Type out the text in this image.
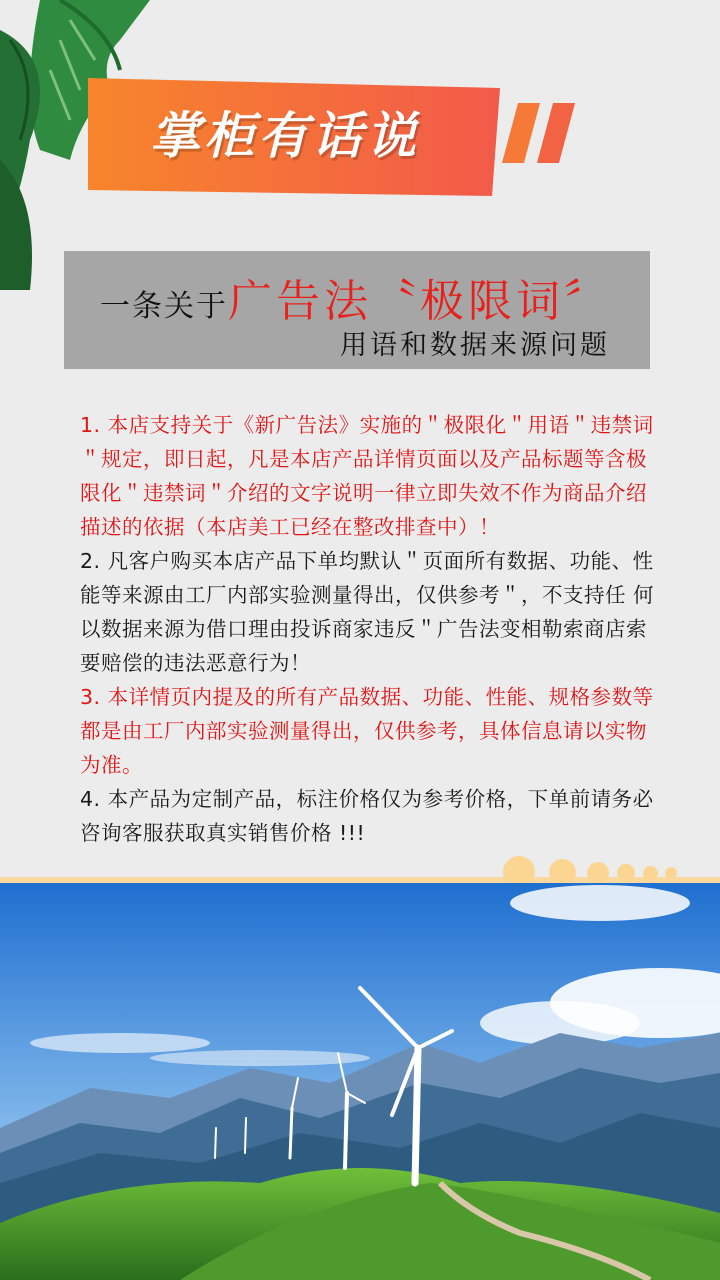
掌柜有话说
一条关于广告法〝极限词〞
用语和数据来源问题

1. 本店支持关于《新广告法》实施的＂极限化＂用语＂违禁词＂规定，即日起，凡是本店产品详情页面以及产品标题等含极限化＂违禁词＂介绍的文字说明一律立即失效不作为商品介绍描述的依据（本店美工已经在整改排查中）！

2. 凡客户购买本店产品下单均默认＂页面所有数据、功能、性能等来源由工厂内部实验测量得出，仅供参考＂，不支持任 何以数据来源为借口理由投诉商家违反＂广告法变相勒索商店索要赔偿的违法恶意行为！

3. 本详情页内提及的所有产品数据、功能、性能、规格参数等都是由工厂内部实验测量得出，仅供参考，具体信息请以实物为准。

4. 本产品为定制产品，标注价格仅为参考价格，下单前请务必咨询客服获取真实销售价格 !!!
